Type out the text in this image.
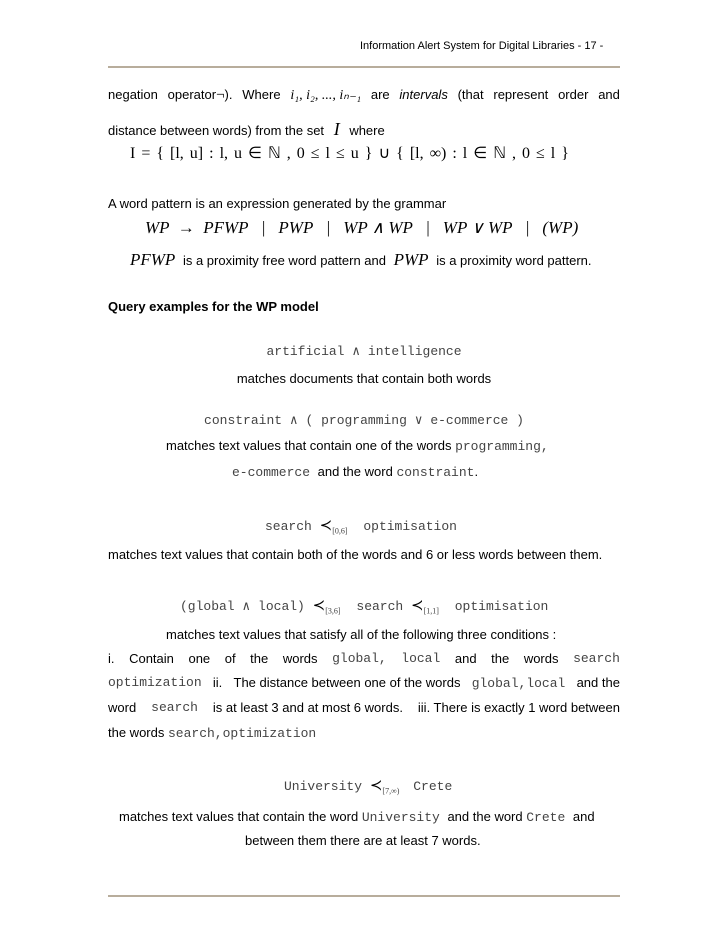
Information Alert System for Digital Libraries - 17 -
negation operator¬). Where i₁, i₂, ..., iₙ₋₁ are intervals (that represent order and
distance between words) from the set I where
I = { [l, u] : l, u ∈ ℕ , 0 ≤ l ≤ u } ∪ { [l, ∞) : l ∈ ℕ , 0 ≤ l }
A word pattern is an expression generated by the grammar
WP  →  PFWP   |   PWP   |   WP ∧ WP   |   WP ∨ WP   |   (WP)
PFWP is a proximity free word pattern and PWP is a proximity word pattern.
Query examples for the WP model
artificial ∧ intelligence
matches documents that contain both words
constraint ∧ ( programming ∨ e-commerce )
matches text values that contain one of the words programming,
e-commerce and the word constraint.
search $≺_{[0,6]}$ optimisation
matches text values that contain both of the words and 6 or less words between them.
(global ∧ local) $≺_{[3,6]}$ search $≺_{[1,1]}$ optimisation
matches text values that satisfy all of the following three conditions :
i. Contain one of the words global, local and the words search
optimization ii. The distance between one of the words global,local and the
word search is at least 3 and at most 6 words. iii. There is exactly 1 word between
the words search,optimization
University $≺_{[7,\infty)}$ Crete
matches text values that contain the word University and the word Crete and
between them there are at least 7 words.
